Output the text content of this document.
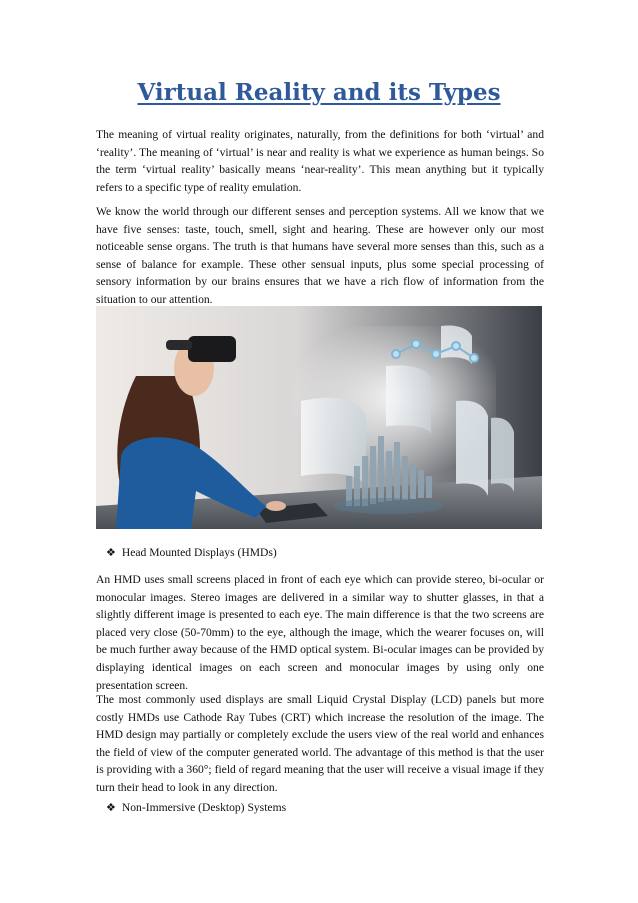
Virtual Reality and its Types

The meaning of virtual reality originates, naturally, from the definitions for both ‘virtual’ and ‘reality’. The meaning of ‘virtual’ is near and reality is what we experience as human beings. So the term ‘virtual reality’ basically means ‘near-reality’. This mean anything but it typically refers to a specific type of reality emulation.

We know the world through our different senses and perception systems. All we know that we have five senses: taste, touch, smell, sight and hearing. These are however only our most noticeable sense organs. The truth is that humans have several more senses than this, such as a sense of balance for example. These other sensual inputs, plus some special processing of sensory information by our brains ensures that we have a rich flow of information from the situation to our attention.

❖ Head Mounted Displays (HMDs)

An HMD uses small screens placed in front of each eye which can provide stereo, bi-ocular or monocular images. Stereo images are delivered in a similar way to shutter glasses, in that a slightly different image is presented to each eye. The main difference is that the two screens are placed very close (50-70mm) to the eye, although the image, which the wearer focuses on, will be much further away because of the HMD optical system. Bi-ocular images can be provided by displaying identical images on each screen and monocular images by using only one presentation screen.

The most commonly used displays are small Liquid Crystal Display (LCD) panels but more costly HMDs use Cathode Ray Tubes (CRT) which increase the resolution of the image. The HMD design may partially or completely exclude the users view of the real world and enhances the field of view of the computer generated world. The advantage of this method is that the user is providing with a 360°; field of regard meaning that the user will receive a visual image if they turn their head to look in any direction.

❖ Non-Immersive (Desktop) Systems
